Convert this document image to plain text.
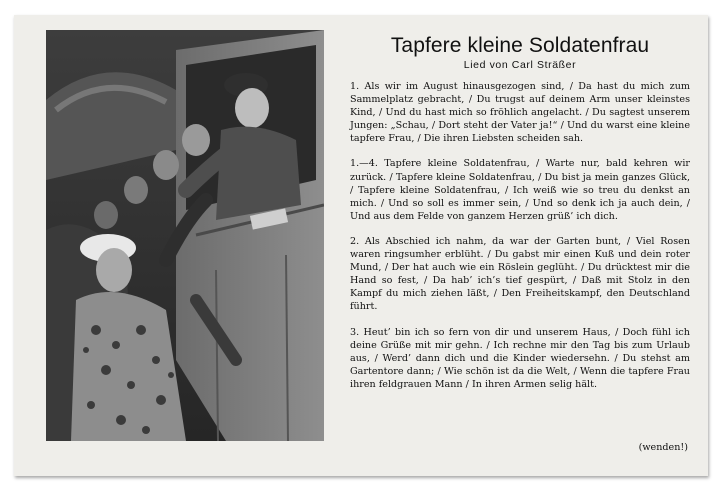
Tapfere kleine Soldatenfrau

Lied von Carl Sträßer

1. Als wir im August hinausgezogen sind, / Da hast du mich zum Sammelplatz gebracht, / Du trugst auf deinem Arm unser kleinstes Kind, / Und du hast mich so fröhlich angelacht. / Du sagtest unserem Jungen: „Schau, / Dort steht der Vater ja!“ / Und du warst eine kleine tapfere Frau, / Die ihren Liebsten scheiden sah.

1.—4. Tapfere kleine Soldatenfrau, / Warte nur, bald kehren wir zurück. / Tapfere kleine Soldatenfrau, / Du bist ja mein ganzes Glück, / Tapfere kleine Soldatenfrau, / Ich weiß wie so treu du denkst an mich. / Und so soll es immer sein, / Und so denk ich ja auch dein, / Und aus dem Felde von ganzem Herzen grüß’ ich dich.

2. Als Abschied ich nahm, da war der Garten bunt, / Viel Rosen waren ringsumher erblüht. / Du gabst mir einen Kuß und dein roter Mund, / Der hat auch wie ein Röslein geglüht. / Du drücktest mir die Hand so fest, / Da hab’ ich’s tief gespürt, / Daß mit Stolz in den Kampf du mich ziehen läßt, / Den Freiheitskampf, den Deutschland führt.

3. Heut’ bin ich so fern von dir und unserem Haus, / Doch fühl ich deine Grüße mit mir gehn. / Ich rechne mir den Tag bis zum Urlaub aus, / Werd’ dann dich und die Kinder wiedersehn. / Du stehst am Gartentore dann; / Wie schön ist da die Welt, / Wenn die tapfere Frau ihren feldgrauen Mann / In ihren Armen selig hält.

(wenden!)
